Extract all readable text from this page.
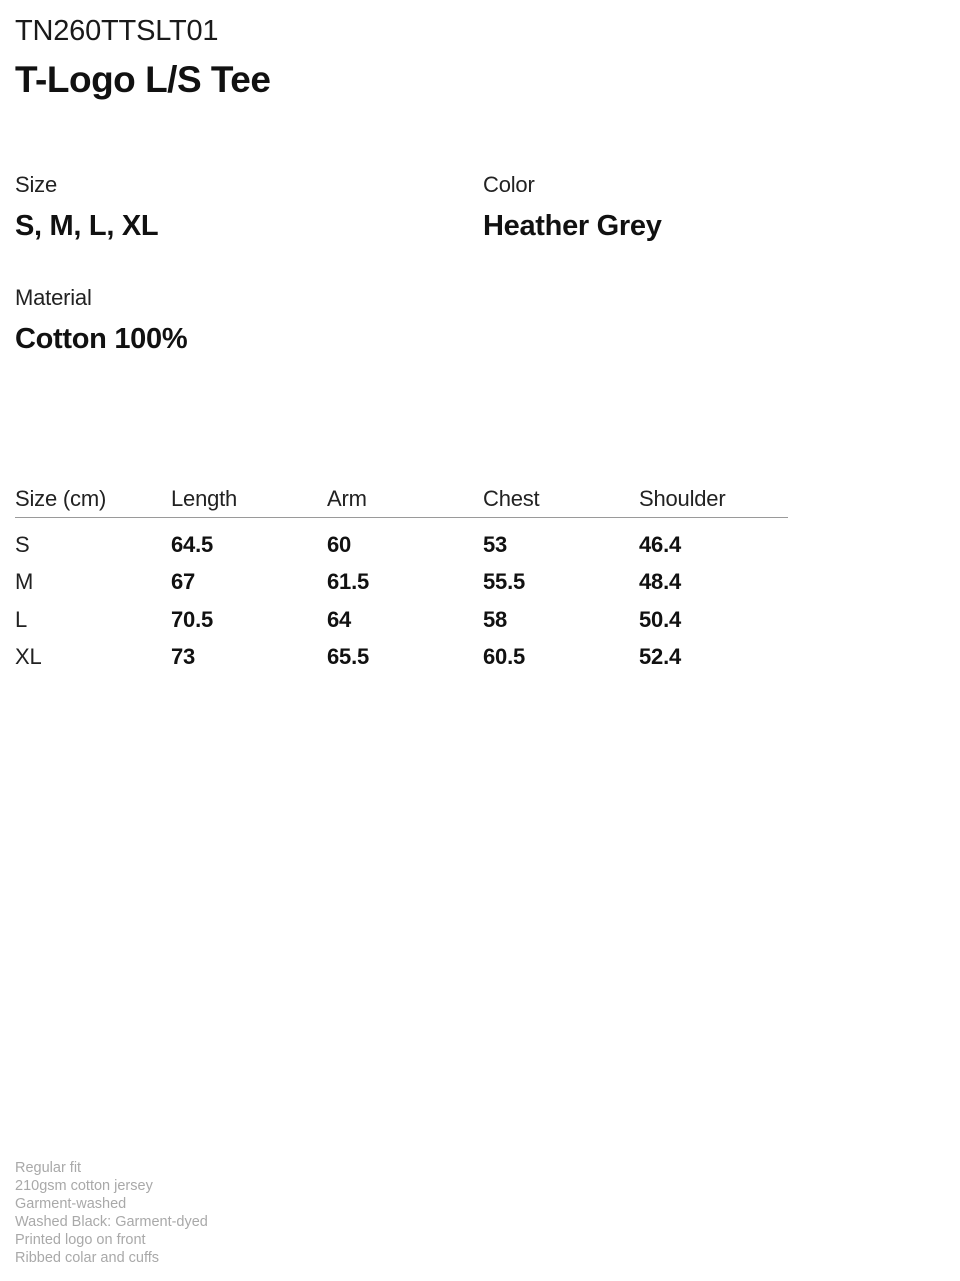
TN260TTSLT01
T-Logo L/S Tee
Size
S, M, L, XL
Color
Heather Grey
Material
Cotton 100%
Size (cm)	Length	Arm	Chest	Shoulder
S	64.5	60	53	46.4
M	67	61.5	55.5	48.4
L	70.5	64	58	50.4
XL	73	65.5	60.5	52.4
Regular fit
210gsm cotton jersey
Garment-washed
Washed Black: Garment-dyed
Printed logo on front
Ribbed colar and cuffs
